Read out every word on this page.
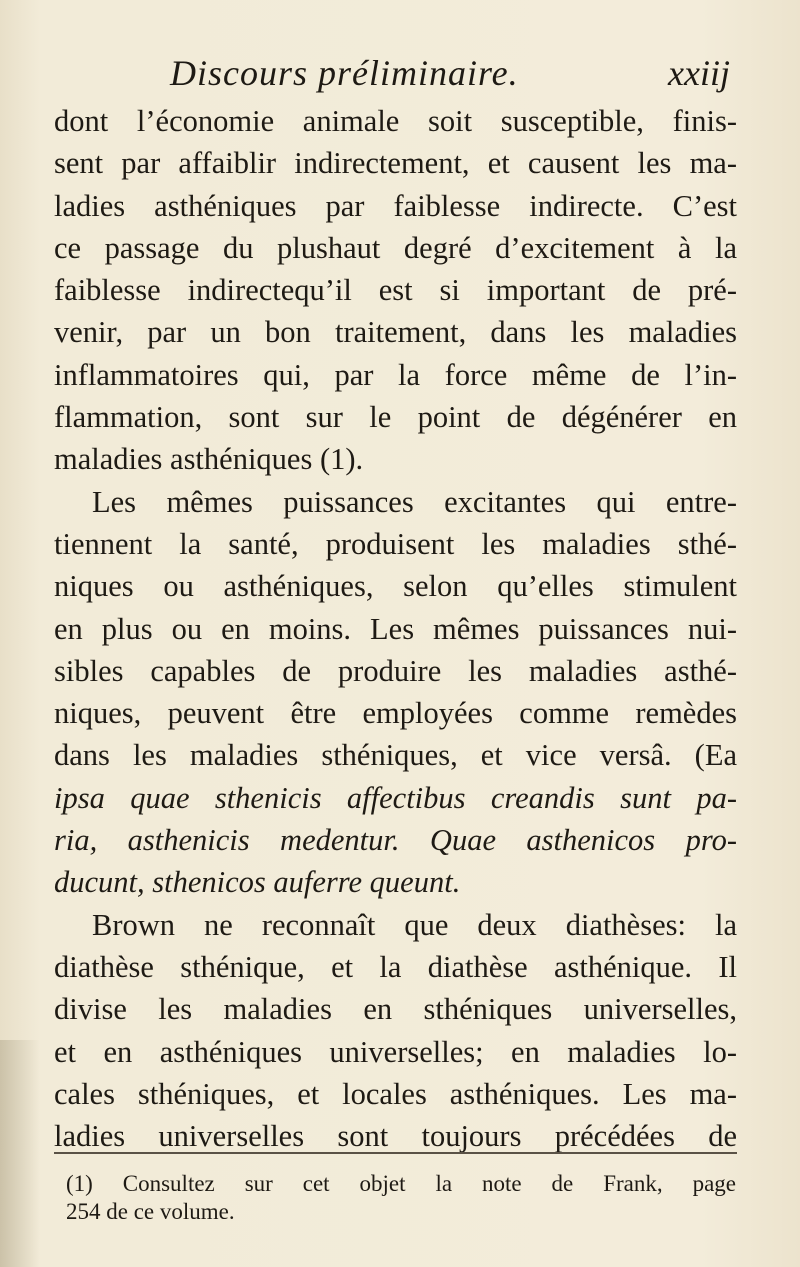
Discours préliminaire.	xxiij
dont l’économie animale soit susceptible, finis-
sent par affaiblir indirectement, et causent les ma-
ladies asthéniques par faiblesse indirecte. C’est
ce passage du plushaut degré d’excitement à la
faiblesse indirectequ’il est si important de pré-
venir, par un bon traitement, dans les maladies
inflammatoires qui, par la force même de l’in-
flammation, sont sur le point de dégénérer en
maladies asthéniques (1).
Les mêmes puissances excitantes qui entre-
tiennent la santé, produisent les maladies sthé-
niques ou asthéniques, selon qu’elles stimulent
en plus ou en moins. Les mêmes puissances nui-
sibles capables de produire les maladies asthé-
niques, peuvent être employées comme remèdes
dans les maladies sthéniques, et vice versâ. (Ea
ipsa quae sthenicis affectibus creandis sunt pa-
ria, asthenicis medentur. Quae asthenicos pro-
ducunt, sthenicos auferre queunt.
Brown ne reconnaît que deux diathèses: la
diathèse sthénique, et la diathèse asthénique. Il
divise les maladies en sthéniques universelles,
et en asthéniques universelles; en maladies lo-
cales sthéniques, et locales asthéniques. Les ma-
ladies universelles sont toujours précédées de
(1) Consultez sur cet objet la note de Frank, page
254 de ce volume.
